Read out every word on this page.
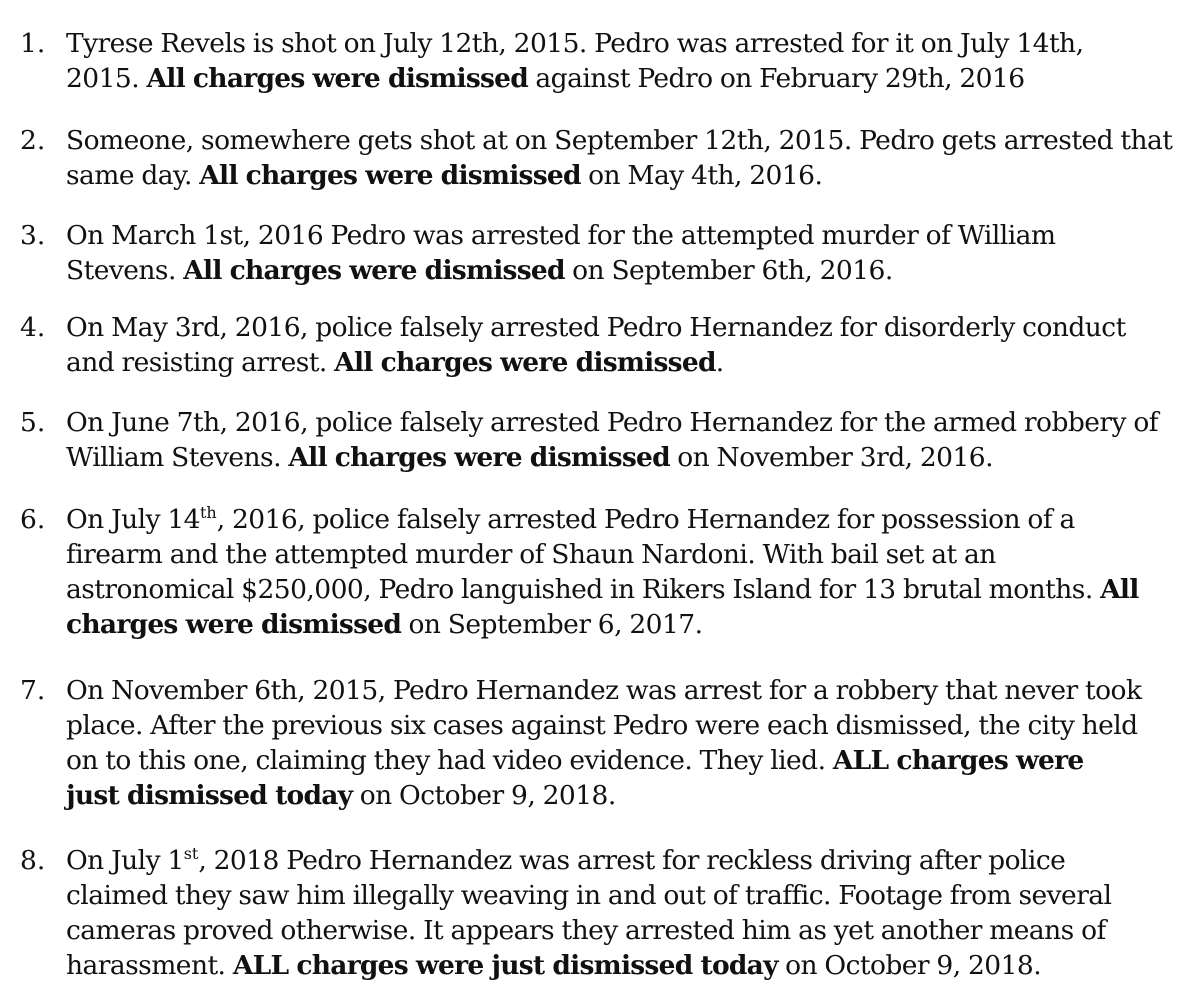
1. Tyrese Revels is shot on July 12th, 2015. Pedro was arrested for it on July 14th,
2015. All charges were dismissed against Pedro on February 29th, 2016
2. Someone, somewhere gets shot at on September 12th, 2015. Pedro gets arrested that
same day. All charges were dismissed on May 4th, 2016.
3. On March 1st, 2016 Pedro was arrested for the attempted murder of William
Stevens. All charges were dismissed on September 6th, 2016.
4. On May 3rd, 2016, police falsely arrested Pedro Hernandez for disorderly conduct
and resisting arrest. All charges were dismissed.
5. On June 7th, 2016, police falsely arrested Pedro Hernandez for the armed robbery of
William Stevens. All charges were dismissed on November 3rd, 2016.
6. On July 14th, 2016, police falsely arrested Pedro Hernandez for possession of a
firearm and the attempted murder of Shaun Nardoni. With bail set at an
astronomical $250,000, Pedro languished in Rikers Island for 13 brutal months. All
charges were dismissed on September 6, 2017.
7. On November 6th, 2015, Pedro Hernandez was arrest for a robbery that never took
place. After the previous six cases against Pedro were each dismissed, the city held
on to this one, claiming they had video evidence. They lied. ALL charges were
just dismissed today on October 9, 2018.
8. On July 1st, 2018 Pedro Hernandez was arrest for reckless driving after police
claimed they saw him illegally weaving in and out of traffic. Footage from several
cameras proved otherwise. It appears they arrested him as yet another means of
harassment. ALL charges were just dismissed today on October 9, 2018.
